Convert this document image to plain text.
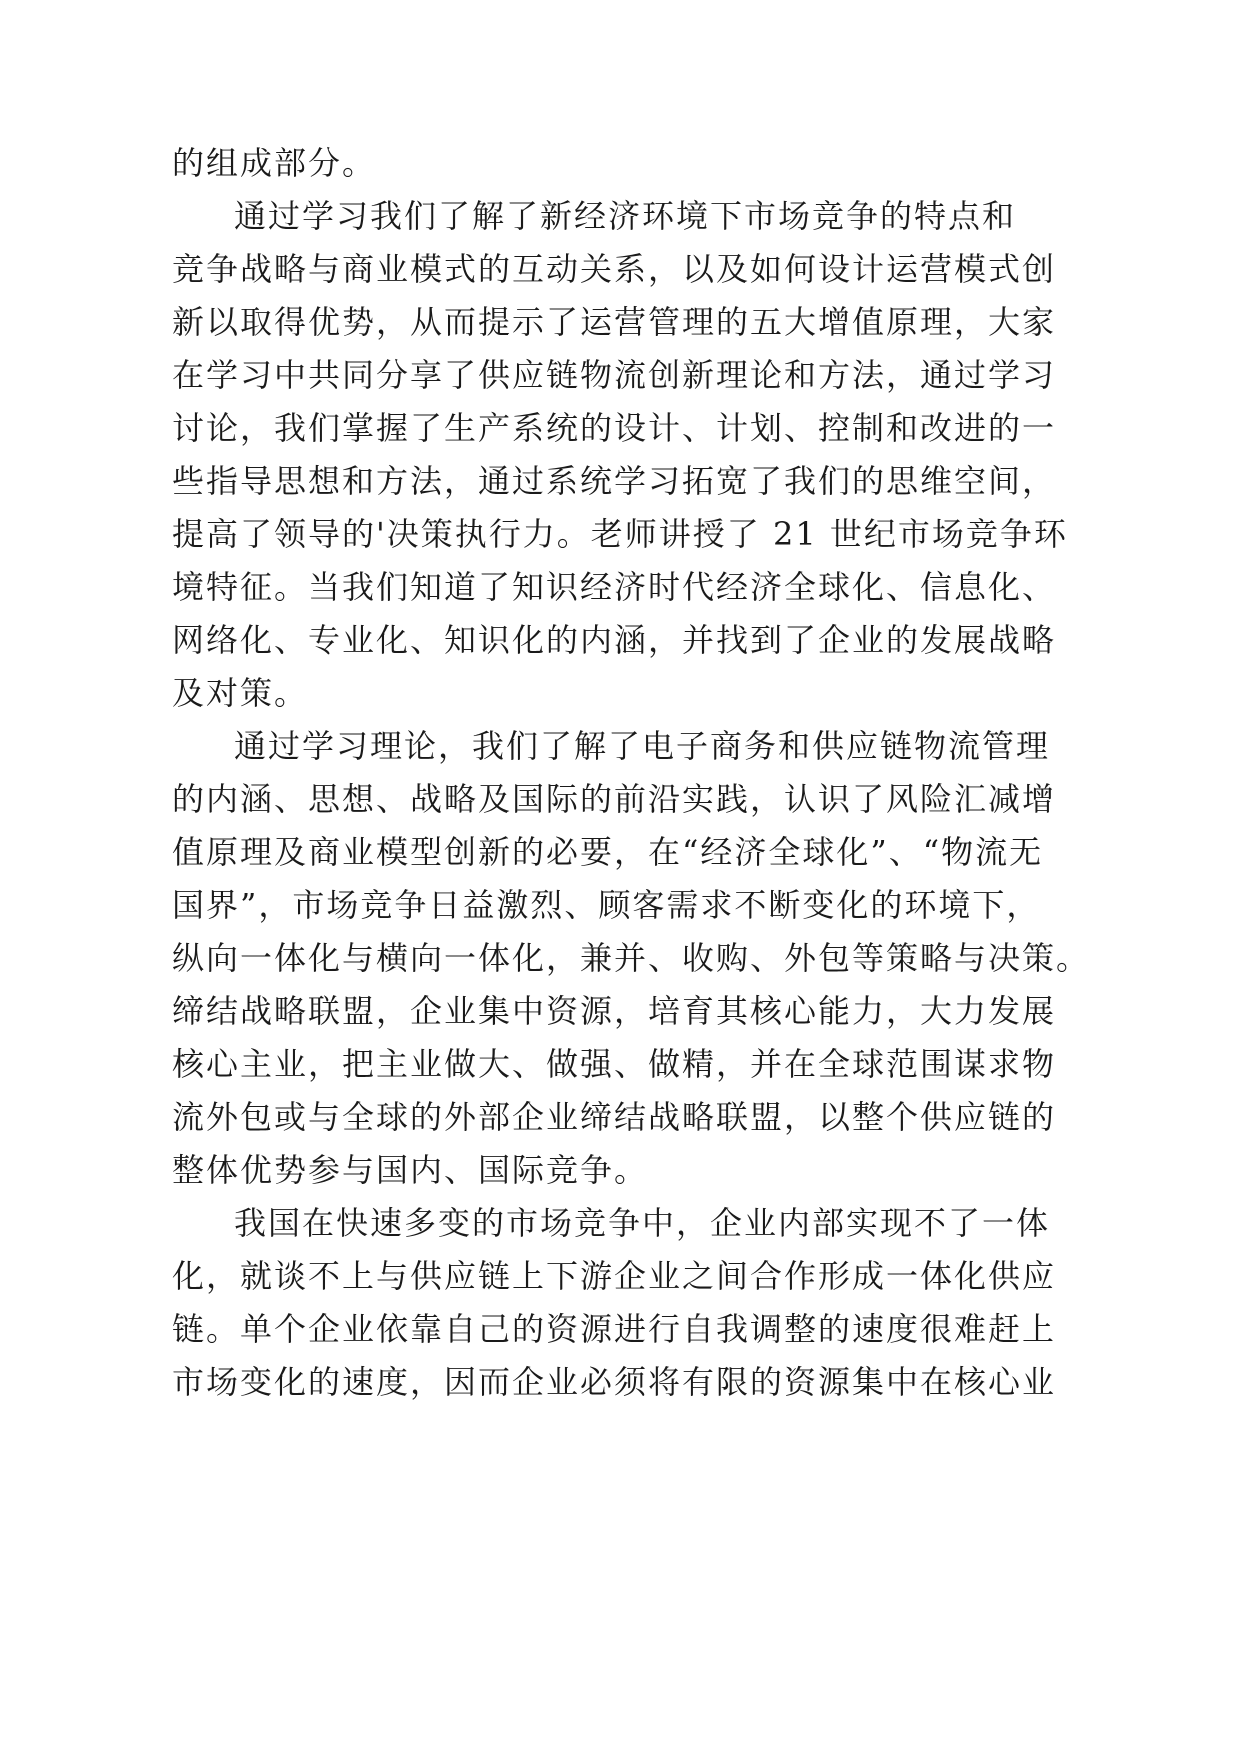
的组成部分。
通过学习我们了解了新经济环境下市场竞争的特点和
竞争战略与商业模式的互动关系，以及如何设计运营模式创
新以取得优势，从而提示了运营管理的五大增值原理，大家
在学习中共同分享了供应链物流创新理论和方法，通过学习
讨论，我们掌握了生产系统的设计、计划、控制和改进的一
些指导思想和方法，通过系统学习拓宽了我们的思维空间，
提高了领导的'决策执行力。老师讲授了 21 世纪市场竞争环
境特征。当我们知道了知识经济时代经济全球化、信息化、
网络化、专业化、知识化的内涵，并找到了企业的发展战略
及对策。
通过学习理论，我们了解了电子商务和供应链物流管理
的内涵、思想、战略及国际的前沿实践，认识了风险汇减增
值原理及商业模型创新的必要，在“经济全球化”、“物流无
国界”，市场竞争日益激烈、顾客需求不断变化的环境下，
纵向一体化与横向一体化，兼并、收购、外包等策略与决策。
缔结战略联盟，企业集中资源，培育其核心能力，大力发展
核心主业，把主业做大、做强、做精，并在全球范围谋求物
流外包或与全球的外部企业缔结战略联盟，以整个供应链的
整体优势参与国内、国际竞争。
我国在快速多变的市场竞争中，企业内部实现不了一体
化，就谈不上与供应链上下游企业之间合作形成一体化供应
链。单个企业依靠自己的资源进行自我调整的速度很难赶上
市场变化的速度，因而企业必须将有限的资源集中在核心业
